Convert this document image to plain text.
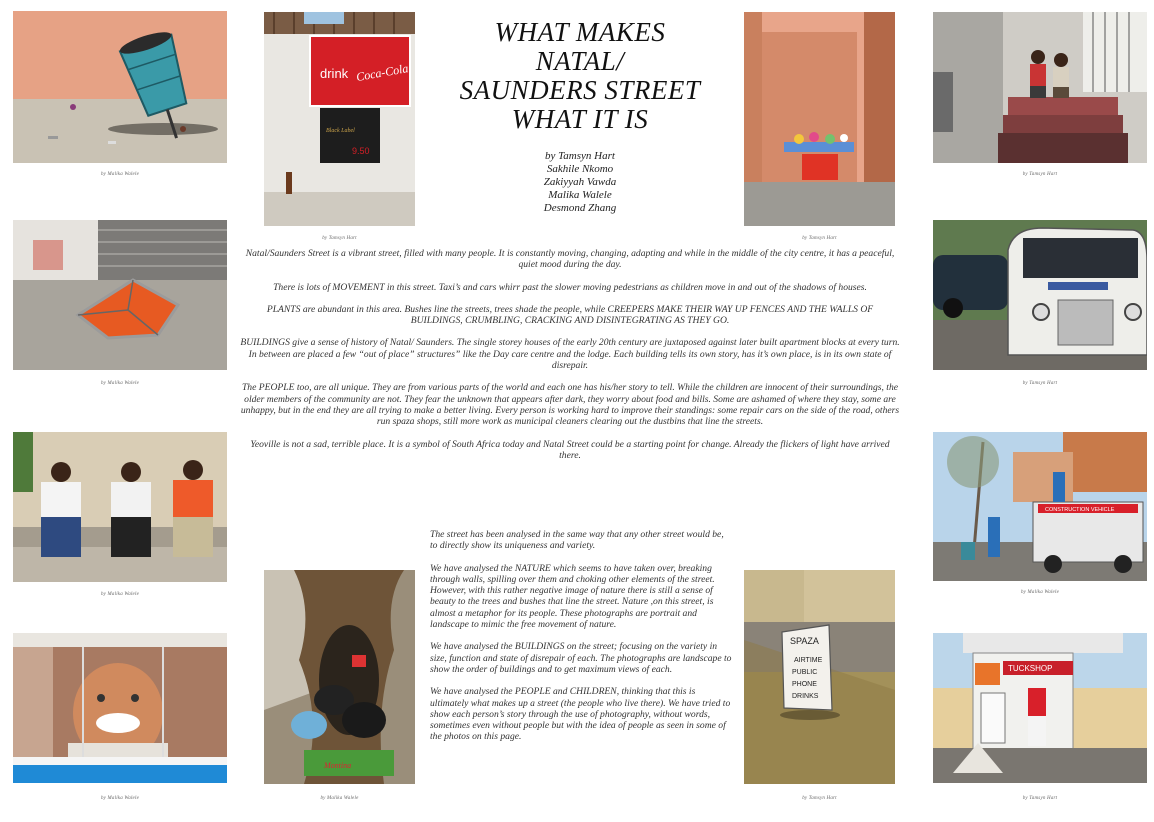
WHAT MAKES
NATAL/
SAUNDERS STREET
WHAT IT IS
by Tamsyn Hart
Sakhile Nkomo
Zakiyyah Vawda
Malika Walele
Desmond Zhang

Natal/Saunders Street is a vibrant street, filled with many people. It is constantly moving, changing, adapting and while in the middle of the city centre, it has a peaceful, quiet mood during the day.

There is lots of MOVEMENT in this street. Taxi’s and cars whirr past the slower moving pedestrians as children move in and out of the shadows of houses.

PLANTS are abundant in this area. Bushes line the streets, trees shade the people, while CREEPERS MAKE THEIR WAY UP FENCES AND THE WALLS OF BUILDINGS, CRUMBLING, CRACKING AND DISINTEGRATING AS THEY GO.

BUILDINGS give a sense of history of Natal/ Saunders. The single storey houses of the early 20th century are juxtaposed against later built apartment blocks at every turn. In between are placed a few “out of place” structures” like the Day care centre and the lodge. Each building tells its own story, has it’s own place, is in its own state of disrepair.

The PEOPLE too, are all unique. They are from various parts of the world and each one has his/her story to tell. While the children are innocent of their surroundings, the older members of the community are not. They fear the unknown that appears after dark, they worry about food and bills. Some are ashamed of where they stay, some are unhappy, but in the end they are all trying to make a better living. Every person is working hard to improve their standings: some repair cars on the side of the road, others run spaza shops, still more work as municipal cleaners clearing out the dustbins that line the streets.

Yeoville is not a sad, terrible place. It is a symbol of South Africa today and Natal Street could be a starting point for change. Already the flickers of light have arrived there.

The street has been analysed in the same way that any other street would be, to directly show its uniqueness and variety.

We have analysed the NATURE which seems to have taken over, breaking through walls, spilling over them and choking other elements of the street. However, with this rather negative image of nature there is still a sense of beauty to the trees and bushes that line the street. Nature ,on this street, is almost a metaphor for its people. These photographs are portrait and landscape to mimic the free movement of nature.

We have analysed the BUILDINGS on the street; focusing on the variety in size, function and state of disrepair of each. The photographs are landscape to show the order of buildings and to get maximum views of each.

We have analysed the PEOPLE and CHILDREN, thinking that this is ultimately what makes up a street (the people who live there). We have tried to show each person’s story through the use of photography, without words, sometimes even without people but with the idea of people as seen in some of the photos on this page.

by Malika Walele
drink Coca-Cola
Black Label
9.50
by Tamsyn Hart	by Tamsyn Hart
by Tamsyn Hart
by Malika Walele	by Tamsyn Hart
by Malika Walele
CONSTRUCTION VEHICLE
by Malika Walele
by Malika Walele
Montina
by Malika Walele
SPAZA
AIRTIME
PUBLIC
PHONE
DRINKS
by Tamsyn Hart
TUCKSHOP
by Tamsyn Hart
